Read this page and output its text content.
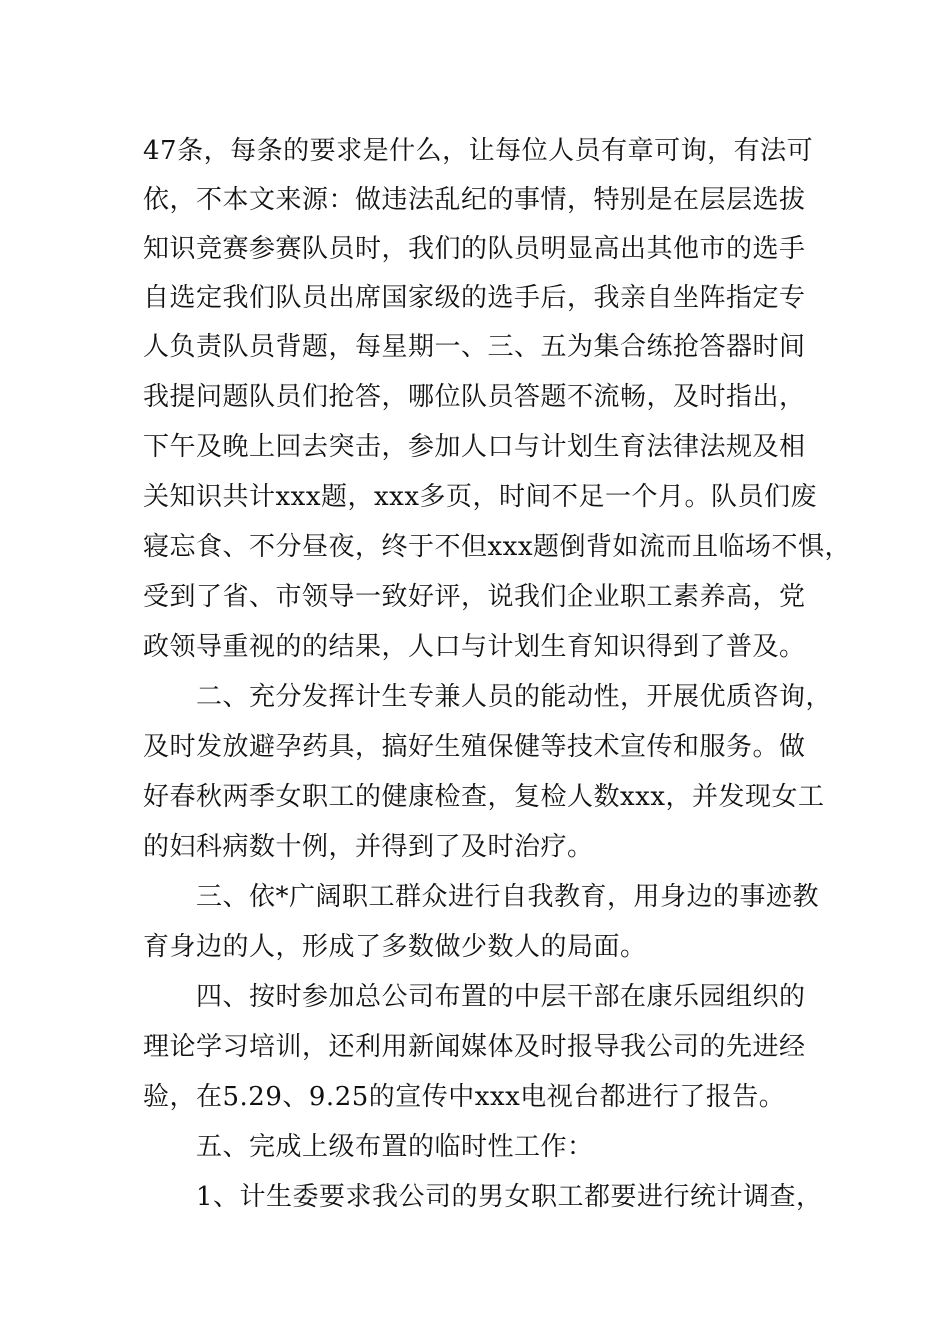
47条，每条的要求是什么，让每位人员有章可询，有法可
依，不本文来源：做违法乱纪的事情，特别是在层层选拔
知识竞赛参赛队员时，我们的队员明显高出其他市的选手
自选定我们队员出席国家级的选手后，我亲自坐阵指定专
人负责队员背题，每星期一、三、五为集合练抢答器时间
我提问题队员们抢答，哪位队员答题不流畅，及时指出，
下午及晚上回去突击，参加人口与计划生育法律法规及相
关知识共计xxx题，xxx多页，时间不足一个月。队员们废
寝忘食、不分昼夜，终于不但xxx题倒背如流而且临场不惧，
受到了省、市领导一致好评，说我们企业职工素养高，党
政领导重视的的结果，人口与计划生育知识得到了普及。
二、充分发挥计生专兼人员的能动性，开展优质咨询，
及时发放避孕药具，搞好生殖保健等技术宣传和服务。做
好春秋两季女职工的健康检查，复检人数xxx，并发现女工
的妇科病数十例，并得到了及时治疗。
三、依*广阔职工群众进行自我教育，用身边的事迹教
育身边的人，形成了多数做少数人的局面。
四、按时参加总公司布置的中层干部在康乐园组织的
理论学习培训，还利用新闻媒体及时报导我公司的先进经
验，在5.29、9.25的宣传中xxx电视台都进行了报告。
五、完成上级布置的临时性工作：
1、计生委要求我公司的男女职工都要进行统计调查，
